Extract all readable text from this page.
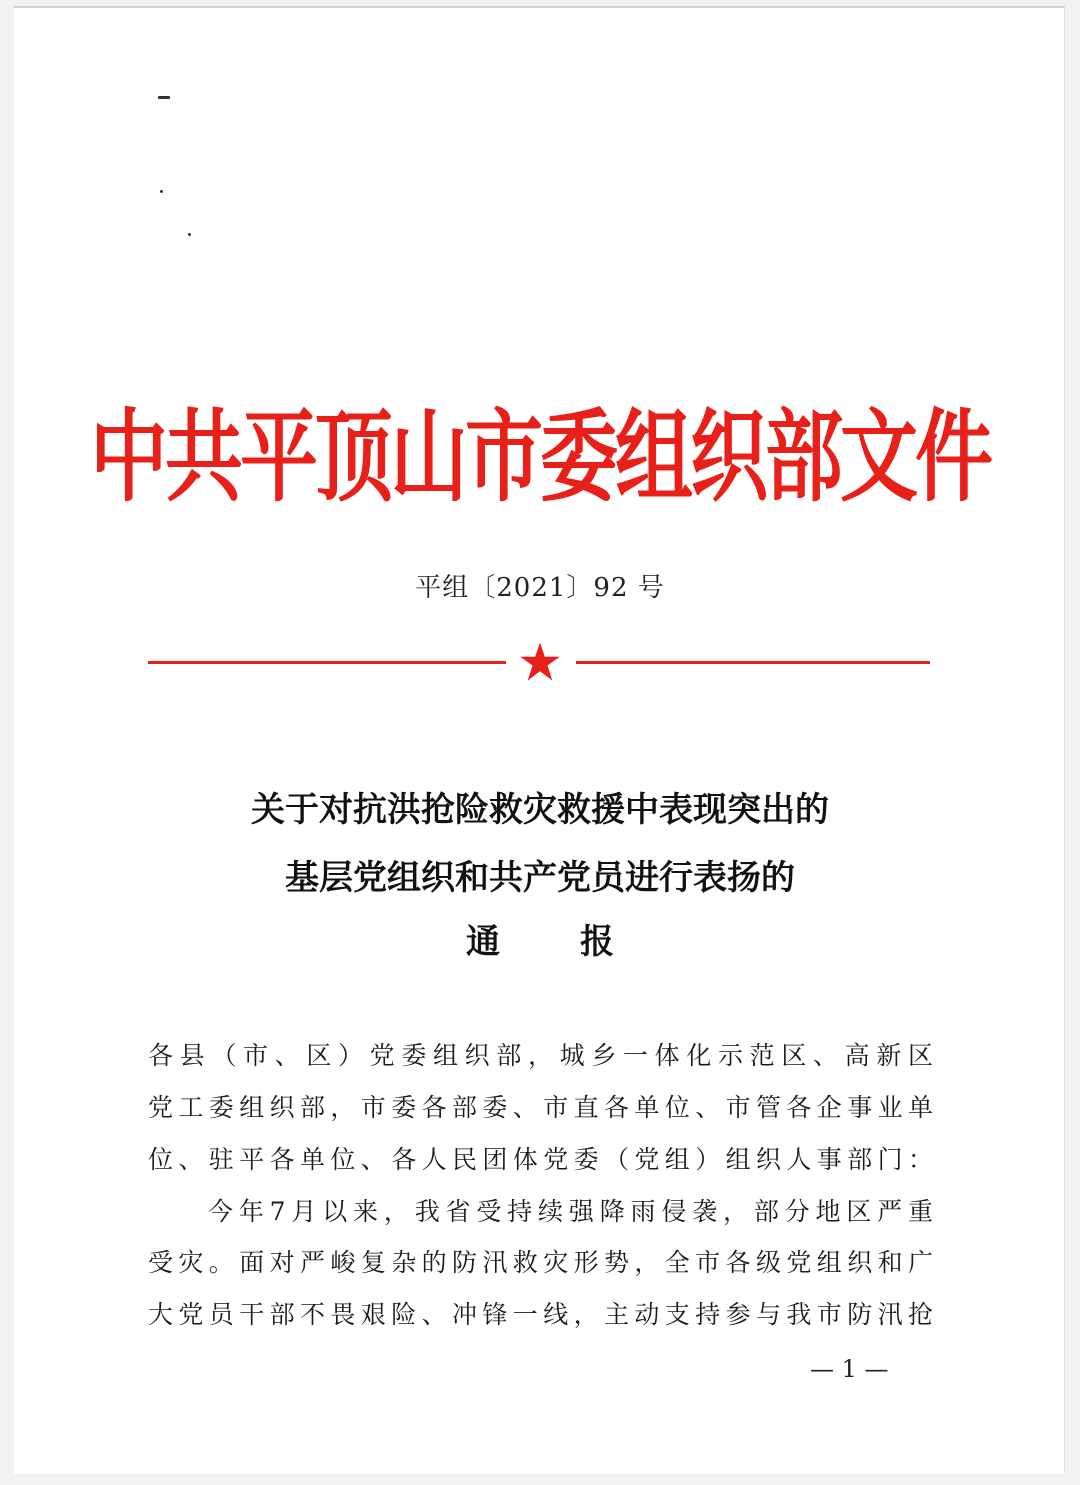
中共平顶山市委组织部文件
平组〔2021〕92 号
关于对抗洪抢险救灾救援中表现突出的
基层党组织和共产党员进行表扬的
通报
各县（市、区）党委组织部，城乡一体化示范区、高新区
党工委组织部，市委各部委、市直各单位、市管各企事业单
位、驻平各单位、各人民团体党委（党组）组织人事部门：
今年7月以来，我省受持续强降雨侵袭，部分地区严重
受灾。面对严峻复杂的防汛救灾形势，全市各级党组织和广
大党员干部不畏艰险、冲锋一线，主动支持参与我市防汛抢
— 1 —
